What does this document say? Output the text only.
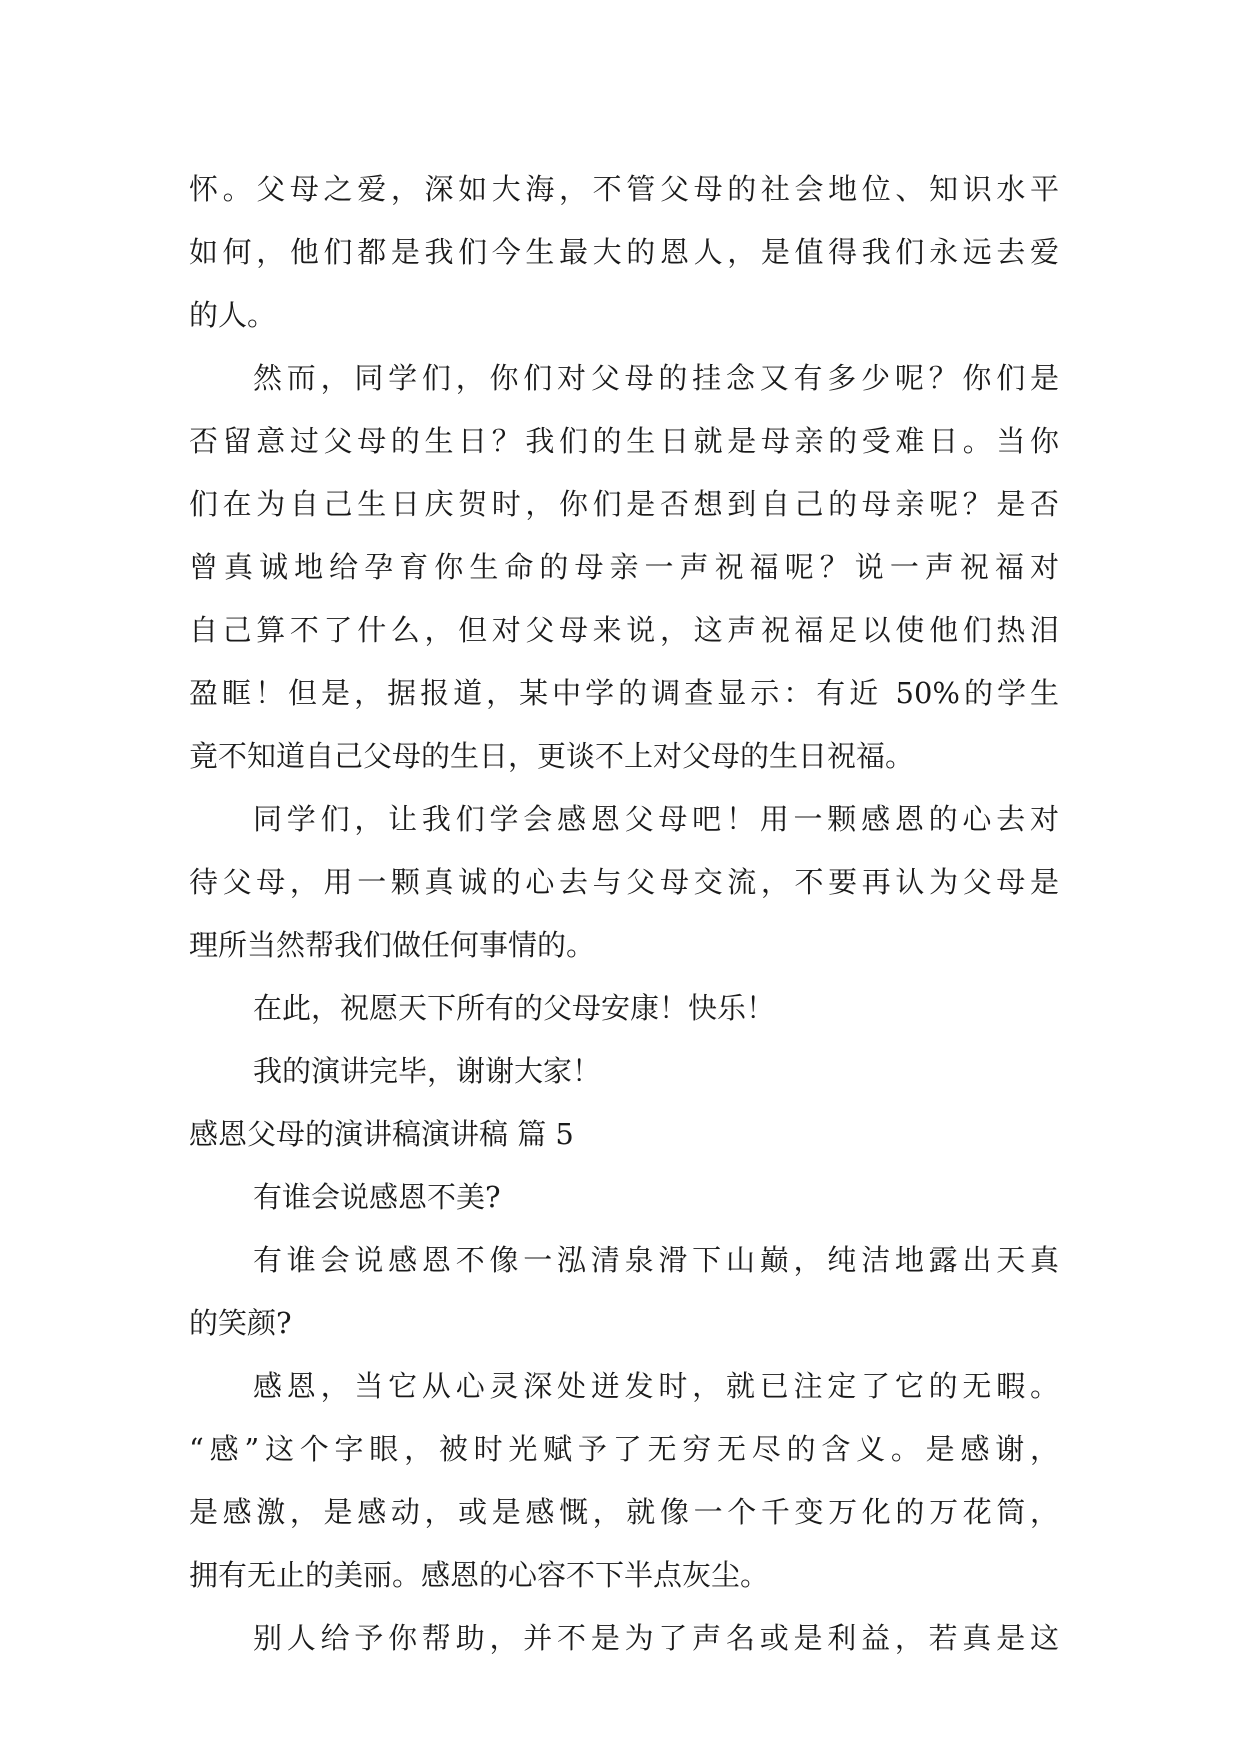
怀。父母之爱，深如大海，不管父母的社会地位、知识水平
如何，他们都是我们今生最大的恩人，是值得我们永远去爱
的人。
然而，同学们，你们对父母的挂念又有多少呢？你们是
否留意过父母的生日？我们的生日就是母亲的受难日。当你
们在为自己生日庆贺时，你们是否想到自己的母亲呢？是否
曾真诚地给孕育你生命的母亲一声祝福呢？说一声祝福对
自己算不了什么，但对父母来说，这声祝福足以使他们热泪
盈眶！但是，据报道，某中学的调查显示：有近 50%的学生
竟不知道自己父母的生日，更谈不上对父母的生日祝福。
同学们，让我们学会感恩父母吧！用一颗感恩的心去对
待父母，用一颗真诚的心去与父母交流，不要再认为父母是
理所当然帮我们做任何事情的。
在此，祝愿天下所有的父母安康！快乐！
我的演讲完毕，谢谢大家！
感恩父母的演讲稿演讲稿 篇 5
有谁会说感恩不美?
有谁会说感恩不像一泓清泉滑下山巅，纯洁地露出天真
的笑颜?
感恩，当它从心灵深处迸发时，就已注定了它的无暇。
“感”这个字眼，被时光赋予了无穷无尽的含义。是感谢，
是感激，是感动，或是感慨，就像一个千变万化的万花筒，
拥有无止的美丽。感恩的心容不下半点灰尘。
别人给予你帮助，并不是为了声名或是利益，若真是这
